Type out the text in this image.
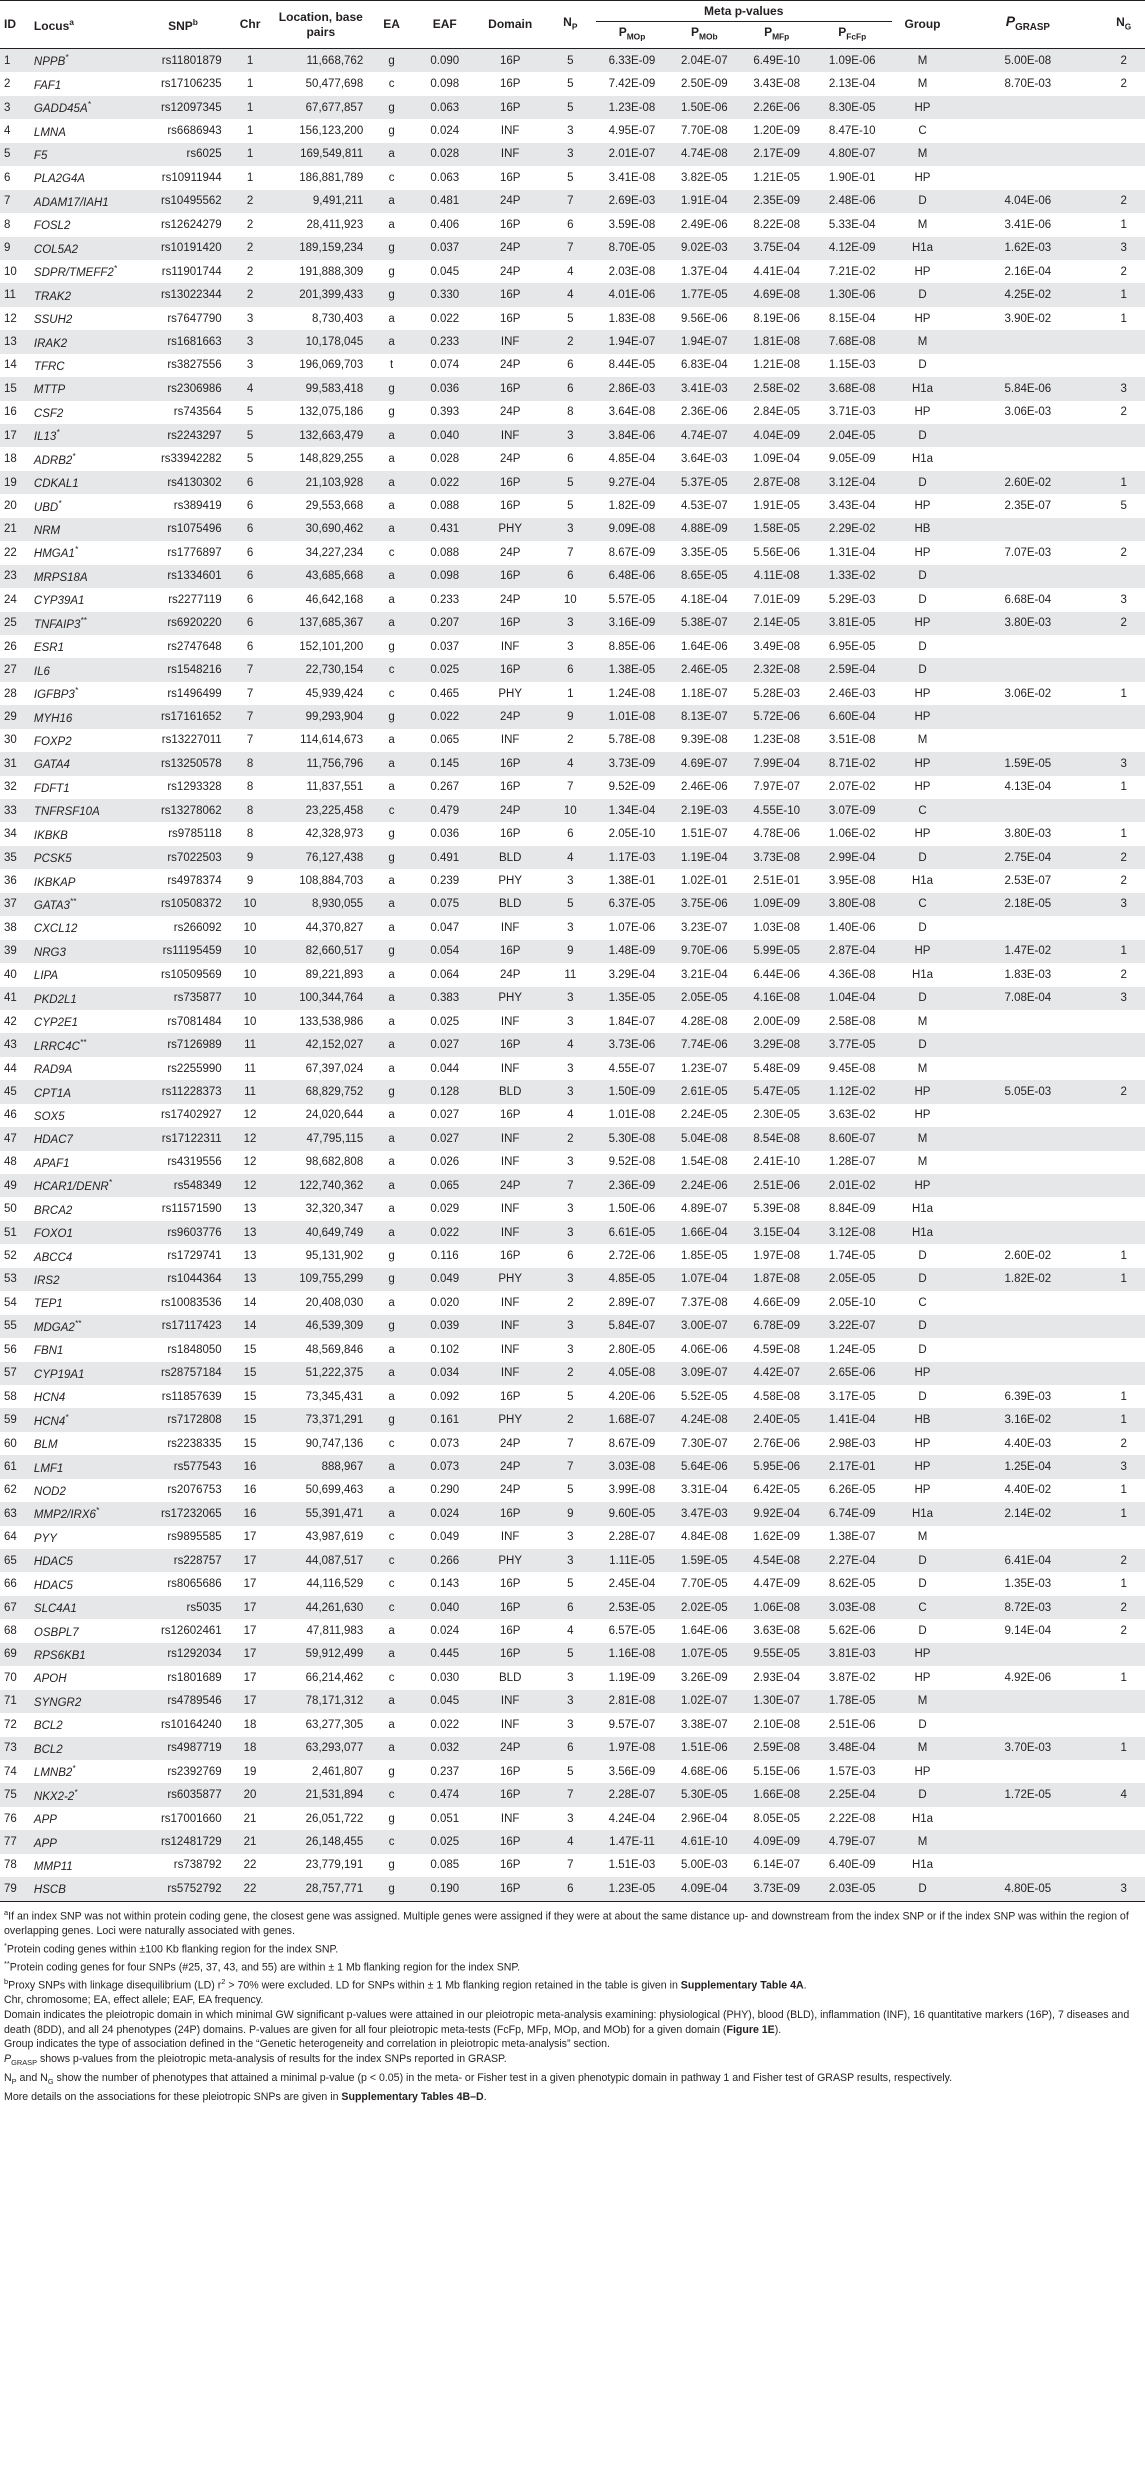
ID	Locus$^a$	SNP$^b$	Chr	Location, base pairs	EA	EAF	Domain	$N_P$	Meta p-values				Group	$P_{GRASP}$	$N_G$
									$P_{MOp}$	$P_{MOb}$	$P_{MFp}$	$P_{FcFp}$
1	NPPB*	rs11801879	1	11,668,762	g	0.090	16P	5	6.33E-09	2.04E-07	6.49E-10	1.09E-06	M	5.00E-08	2
2	FAF1	rs17106235	1	50,477,698	c	0.098	16P	5	7.42E-09	2.50E-09	3.43E-08	2.13E-04	M	8.70E-03	2
3	GADD45A*	rs12097345	1	67,677,857	g	0.063	16P	5	1.23E-08	1.50E-06	2.26E-06	8.30E-05	HP		
4	LMNA	rs6686943	1	156,123,200	g	0.024	INF	3	4.95E-07	7.70E-08	1.20E-09	8.47E-10	C		
5	F5	rs6025	1	169,549,811	a	0.028	INF	3	2.01E-07	4.74E-08	2.17E-09	4.80E-07	M		
6	PLA2G4A	rs10911944	1	186,881,789	c	0.063	16P	5	3.41E-08	3.82E-05	1.21E-05	1.90E-01	HP		
7	ADAM17/IAH1	rs10495562	2	9,491,211	a	0.481	24P	7	2.69E-03	1.91E-04	2.35E-09	2.48E-06	D	4.04E-06	2
8	FOSL2	rs12624279	2	28,411,923	a	0.406	16P	6	3.59E-08	2.49E-06	8.22E-08	5.33E-04	M	3.41E-06	1
9	COL5A2	rs10191420	2	189,159,234	g	0.037	24P	7	8.70E-05	9.02E-03	3.75E-04	4.12E-09	H1a	1.62E-03	3
10	SDPR/TMEFF2*	rs11901744	2	191,888,309	g	0.045	24P	4	2.03E-08	1.37E-04	4.41E-04	7.21E-02	HP	2.16E-04	2
11	TRAK2	rs13022344	2	201,399,433	g	0.330	16P	4	4.01E-06	1.77E-05	4.69E-08	1.30E-06	D	4.25E-02	1
12	SSUH2	rs7647790	3	8,730,403	a	0.022	16P	5	1.83E-08	9.56E-06	8.19E-06	8.15E-04	HP	3.90E-02	1
13	IRAK2	rs1681663	3	10,178,045	a	0.233	INF	2	1.94E-07	1.94E-07	1.81E-08	7.68E-08	M		
14	TFRC	rs3827556	3	196,069,703	t	0.074	24P	6	8.44E-05	6.83E-04	1.21E-08	1.15E-03	D		
15	MTTP	rs2306986	4	99,583,418	g	0.036	16P	6	2.86E-03	3.41E-03	2.58E-02	3.68E-08	H1a	5.84E-06	3
16	CSF2	rs743564	5	132,075,186	g	0.393	24P	8	3.64E-08	2.36E-06	2.84E-05	3.71E-03	HP	3.06E-03	2
17	IL13*	rs2243297	5	132,663,479	a	0.040	INF	3	3.84E-06	4.74E-07	4.04E-09	2.04E-05	D		
18	ADRB2*	rs33942282	5	148,829,255	a	0.028	24P	6	4.85E-04	3.64E-03	1.09E-04	9.05E-09	H1a		
19	CDKAL1	rs4130302	6	21,103,928	a	0.022	16P	5	9.27E-04	5.37E-05	2.87E-08	3.12E-04	D	2.60E-02	1
20	UBD*	rs389419	6	29,553,668	a	0.088	16P	5	1.82E-09	4.53E-07	1.91E-05	3.43E-04	HP	2.35E-07	5
21	NRM	rs1075496	6	30,690,462	a	0.431	PHY	3	9.09E-08	4.88E-09	1.58E-05	2.29E-02	HB		
22	HMGA1*	rs1776897	6	34,227,234	c	0.088	24P	7	8.67E-09	3.35E-05	5.56E-06	1.31E-04	HP	7.07E-03	2
23	MRPS18A	rs1334601	6	43,685,668	a	0.098	16P	6	6.48E-06	8.65E-05	4.11E-08	1.33E-02	D		
24	CYP39A1	rs2277119	6	46,642,168	a	0.233	24P	10	5.57E-05	4.18E-04	7.01E-09	5.29E-03	D	6.68E-04	3
25	TNFAIP3**	rs6920220	6	137,685,367	a	0.207	16P	3	3.16E-09	5.38E-07	2.14E-05	3.81E-05	HP	3.80E-03	2
26	ESR1	rs2747648	6	152,101,200	g	0.037	INF	3	8.85E-06	1.64E-06	3.49E-08	6.95E-05	D		
27	IL6	rs1548216	7	22,730,154	c	0.025	16P	6	1.38E-05	2.46E-05	2.32E-08	2.59E-04	D		
28	IGFBP3*	rs1496499	7	45,939,424	c	0.465	PHY	1	1.24E-08	1.18E-07	5.28E-03	2.46E-03	HP	3.06E-02	1
29	MYH16	rs17161652	7	99,293,904	g	0.022	24P	9	1.01E-08	8.13E-07	5.72E-06	6.60E-04	HP		
30	FOXP2	rs13227011	7	114,614,673	a	0.065	INF	2	5.78E-08	9.39E-08	1.23E-08	3.51E-08	M		
31	GATA4	rs13250578	8	11,756,796	a	0.145	16P	4	3.73E-09	4.69E-07	7.99E-04	8.71E-02	HP	1.59E-05	3
32	FDFT1	rs1293328	8	11,837,551	a	0.267	16P	7	9.52E-09	2.46E-06	7.97E-07	2.07E-02	HP	4.13E-04	1
33	TNFRSF10A	rs13278062	8	23,225,458	c	0.479	24P	10	1.34E-04	2.19E-03	4.55E-10	3.07E-09	C		
34	IKBKB	rs9785118	8	42,328,973	g	0.036	16P	6	2.05E-10	1.51E-07	4.78E-06	1.06E-02	HP	3.80E-03	1
35	PCSK5	rs7022503	9	76,127,438	g	0.491	BLD	4	1.17E-03	1.19E-04	3.73E-08	2.99E-04	D	2.75E-04	2
36	IKBKAP	rs4978374	9	108,884,703	a	0.239	PHY	3	1.38E-01	1.02E-01	2.51E-01	3.95E-08	H1a	2.53E-07	2
37	GATA3**	rs10508372	10	8,930,055	a	0.075	BLD	5	6.37E-05	3.75E-06	1.09E-09	3.80E-08	C	2.18E-05	3
38	CXCL12	rs266092	10	44,370,827	a	0.047	INF	3	1.07E-06	3.23E-07	1.03E-08	1.40E-06	D		
39	NRG3	rs11195459	10	82,660,517	g	0.054	16P	9	1.48E-09	9.70E-06	5.99E-05	2.87E-04	HP	1.47E-02	1
40	LIPA	rs10509569	10	89,221,893	a	0.064	24P	11	3.29E-04	3.21E-04	6.44E-06	4.36E-08	H1a	1.83E-03	2
41	PKD2L1	rs735877	10	100,344,764	a	0.383	PHY	3	1.35E-05	2.05E-05	4.16E-08	1.04E-04	D	7.08E-04	3
42	CYP2E1	rs7081484	10	133,538,986	a	0.025	INF	3	1.84E-07	4.28E-08	2.00E-09	2.58E-08	M		
43	LRRC4C**	rs7126989	11	42,152,027	a	0.027	16P	4	3.73E-06	7.74E-06	3.29E-08	3.77E-05	D		
44	RAD9A	rs2255990	11	67,397,024	a	0.044	INF	3	4.55E-07	1.23E-07	5.48E-09	9.45E-08	M		
45	CPT1A	rs11228373	11	68,829,752	g	0.128	BLD	3	1.50E-09	2.61E-05	5.47E-05	1.12E-02	HP	5.05E-03	2
46	SOX5	rs17402927	12	24,020,644	a	0.027	16P	4	1.01E-08	2.24E-05	2.30E-05	3.63E-02	HP		
47	HDAC7	rs17122311	12	47,795,115	a	0.027	INF	2	5.30E-08	5.04E-08	8.54E-08	8.60E-07	M		
48	APAF1	rs4319556	12	98,682,808	a	0.026	INF	3	9.52E-08	1.54E-08	2.41E-10	1.28E-07	M		
49	HCAR1/DENR*	rs548349	12	122,740,362	a	0.065	24P	7	2.36E-09	2.24E-06	2.51E-06	2.01E-02	HP		
50	BRCA2	rs11571590	13	32,320,347	a	0.029	INF	3	1.50E-06	4.89E-07	5.39E-08	8.84E-09	H1a		
51	FOXO1	rs9603776	13	40,649,749	a	0.022	INF	3	6.61E-05	1.66E-04	3.15E-04	3.12E-08	H1a		
52	ABCC4	rs1729741	13	95,131,902	g	0.116	16P	6	2.72E-06	1.85E-05	1.97E-08	1.74E-05	D	2.60E-02	1
53	IRS2	rs1044364	13	109,755,299	g	0.049	PHY	3	4.85E-05	1.07E-04	1.87E-08	2.05E-05	D	1.82E-02	1
54	TEP1	rs10083536	14	20,408,030	a	0.020	INF	2	2.89E-07	7.37E-08	4.66E-09	2.05E-10	C		
55	MDGA2**	rs17117423	14	46,539,309	g	0.039	INF	3	5.84E-07	3.00E-07	6.78E-09	3.22E-07	D		
56	FBN1	rs1848050	15	48,569,846	a	0.102	INF	3	2.80E-05	4.06E-06	4.59E-08	1.24E-05	D		
57	CYP19A1	rs28757184	15	51,222,375	a	0.034	INF	2	4.05E-08	3.09E-07	4.42E-07	2.65E-06	HP		
58	HCN4	rs11857639	15	73,345,431	a	0.092	16P	5	4.20E-06	5.52E-05	4.58E-08	3.17E-05	D	6.39E-03	1
59	HCN4*	rs7172808	15	73,371,291	g	0.161	PHY	2	1.68E-07	4.24E-08	2.40E-05	1.41E-04	HB	3.16E-02	1
60	BLM	rs2238335	15	90,747,136	c	0.073	24P	7	8.67E-09	7.30E-07	2.76E-06	2.98E-03	HP	4.40E-03	2
61	LMF1	rs577543	16	888,967	a	0.073	24P	7	3.03E-08	5.64E-06	5.95E-06	2.17E-01	HP	1.25E-04	3
62	NOD2	rs2076753	16	50,699,463	a	0.290	24P	5	3.99E-08	3.31E-04	6.42E-05	6.26E-05	HP	4.40E-02	1
63	MMP2/IRX6*	rs17232065	16	55,391,471	a	0.024	16P	9	9.60E-05	3.47E-03	9.92E-04	6.74E-09	H1a	2.14E-02	1
64	PYY	rs9895585	17	43,987,619	c	0.049	INF	3	2.28E-07	4.84E-08	1.62E-09	1.38E-07	M		
65	HDAC5	rs228757	17	44,087,517	c	0.266	PHY	3	1.11E-05	1.59E-05	4.54E-08	2.27E-04	D	6.41E-04	2
66	HDAC5	rs8065686	17	44,116,529	c	0.143	16P	5	2.45E-04	7.70E-05	4.47E-09	8.62E-05	D	1.35E-03	1
67	SLC4A1	rs5035	17	44,261,630	c	0.040	16P	6	2.53E-05	2.02E-05	1.06E-08	3.03E-08	C	8.72E-03	2
68	OSBPL7	rs12602461	17	47,811,983	a	0.024	16P	4	6.57E-05	1.64E-06	3.63E-08	5.62E-06	D	9.14E-04	2
69	RPS6KB1	rs1292034	17	59,912,499	a	0.445	16P	5	1.16E-08	1.07E-05	9.55E-05	3.81E-03	HP		
70	APOH	rs1801689	17	66,214,462	c	0.030	BLD	3	1.19E-09	3.26E-09	2.93E-04	3.87E-02	HP	4.92E-06	1
71	SYNGR2	rs4789546	17	78,171,312	a	0.045	INF	3	2.81E-08	1.02E-07	1.30E-07	1.78E-05	M		
72	BCL2	rs10164240	18	63,277,305	a	0.022	INF	3	9.57E-07	3.38E-07	2.10E-08	2.51E-06	D		
73	BCL2	rs4987719	18	63,293,077	a	0.032	24P	6	1.97E-08	1.51E-06	2.59E-08	3.48E-04	M	3.70E-03	1
74	LMNB2*	rs2392769	19	2,461,807	g	0.237	16P	5	3.56E-09	4.68E-06	5.15E-06	1.57E-03	HP		
75	NKX2-2*	rs6035877	20	21,531,894	c	0.474	16P	7	2.28E-07	5.30E-05	1.66E-08	2.25E-04	D	1.72E-05	4
76	APP	rs17001660	21	26,051,722	g	0.051	INF	3	4.24E-04	2.96E-04	8.05E-05	2.22E-08	H1a		
77	APP	rs12481729	21	26,148,455	c	0.025	16P	4	1.47E-11	4.61E-10	4.09E-09	4.79E-07	M		
78	MMP11	rs738792	22	23,779,191	g	0.085	16P	7	1.51E-03	5.00E-03	6.14E-07	6.40E-09	H1a		
79	HSCB	rs5752792	22	28,757,771	g	0.190	16P	6	1.23E-05	4.09E-04	3.73E-09	2.03E-05	D	4.80E-05	3

$^a$If an index SNP was not within protein coding gene, the closest gene was assigned. Multiple genes were assigned if they were at about the same distance up- and downstream from the index SNP or if the index SNP was within the region of overlapping genes. Loci were naturally associated with genes.

*Protein coding genes within ±100 Kb flanking region for the index SNP.

**Protein coding genes for four SNPs (#25, 37, 43, and 55) are within ± 1 Mb flanking region for the index SNP.

$^b$Proxy SNPs with linkage disequilibrium (LD) $r^2 > 70\%$ were excluded. LD for SNPs within ± 1 Mb flanking region retained in the table is given in Supplementary Table 4A.

Chr, chromosome; EA, effect allele; EAF, EA frequency.

Domain indicates the pleiotropic domain in which minimal GW significant p-values were attained in our pleiotropic meta-analysis examining: physiological (PHY), blood (BLD), inflammation (INF), 16 quantitative markers (16P), 7 diseases and death (8DD), and all 24 phenotypes (24P) domains. P-values are given for all four pleiotropic meta-tests (FcFp, MFp, MOp, and MOb) for a given domain (Figure 1E).

Group indicates the type of association defined in the “Genetic heterogeneity and correlation in pleiotropic meta-analysis” section.

$P_{GRASP}$ shows p-values from the pleiotropic meta-analysis of results for the index SNPs reported in GRASP.

$N_P$ and $N_G$ show the number of phenotypes that attained a minimal p-value (p < 0.05) in the meta- or Fisher test in a given phenotypic domain in pathway 1 and Fisher test of GRASP results, respectively.

More details on the associations for these pleiotropic SNPs are given in Supplementary Tables 4B–D.
